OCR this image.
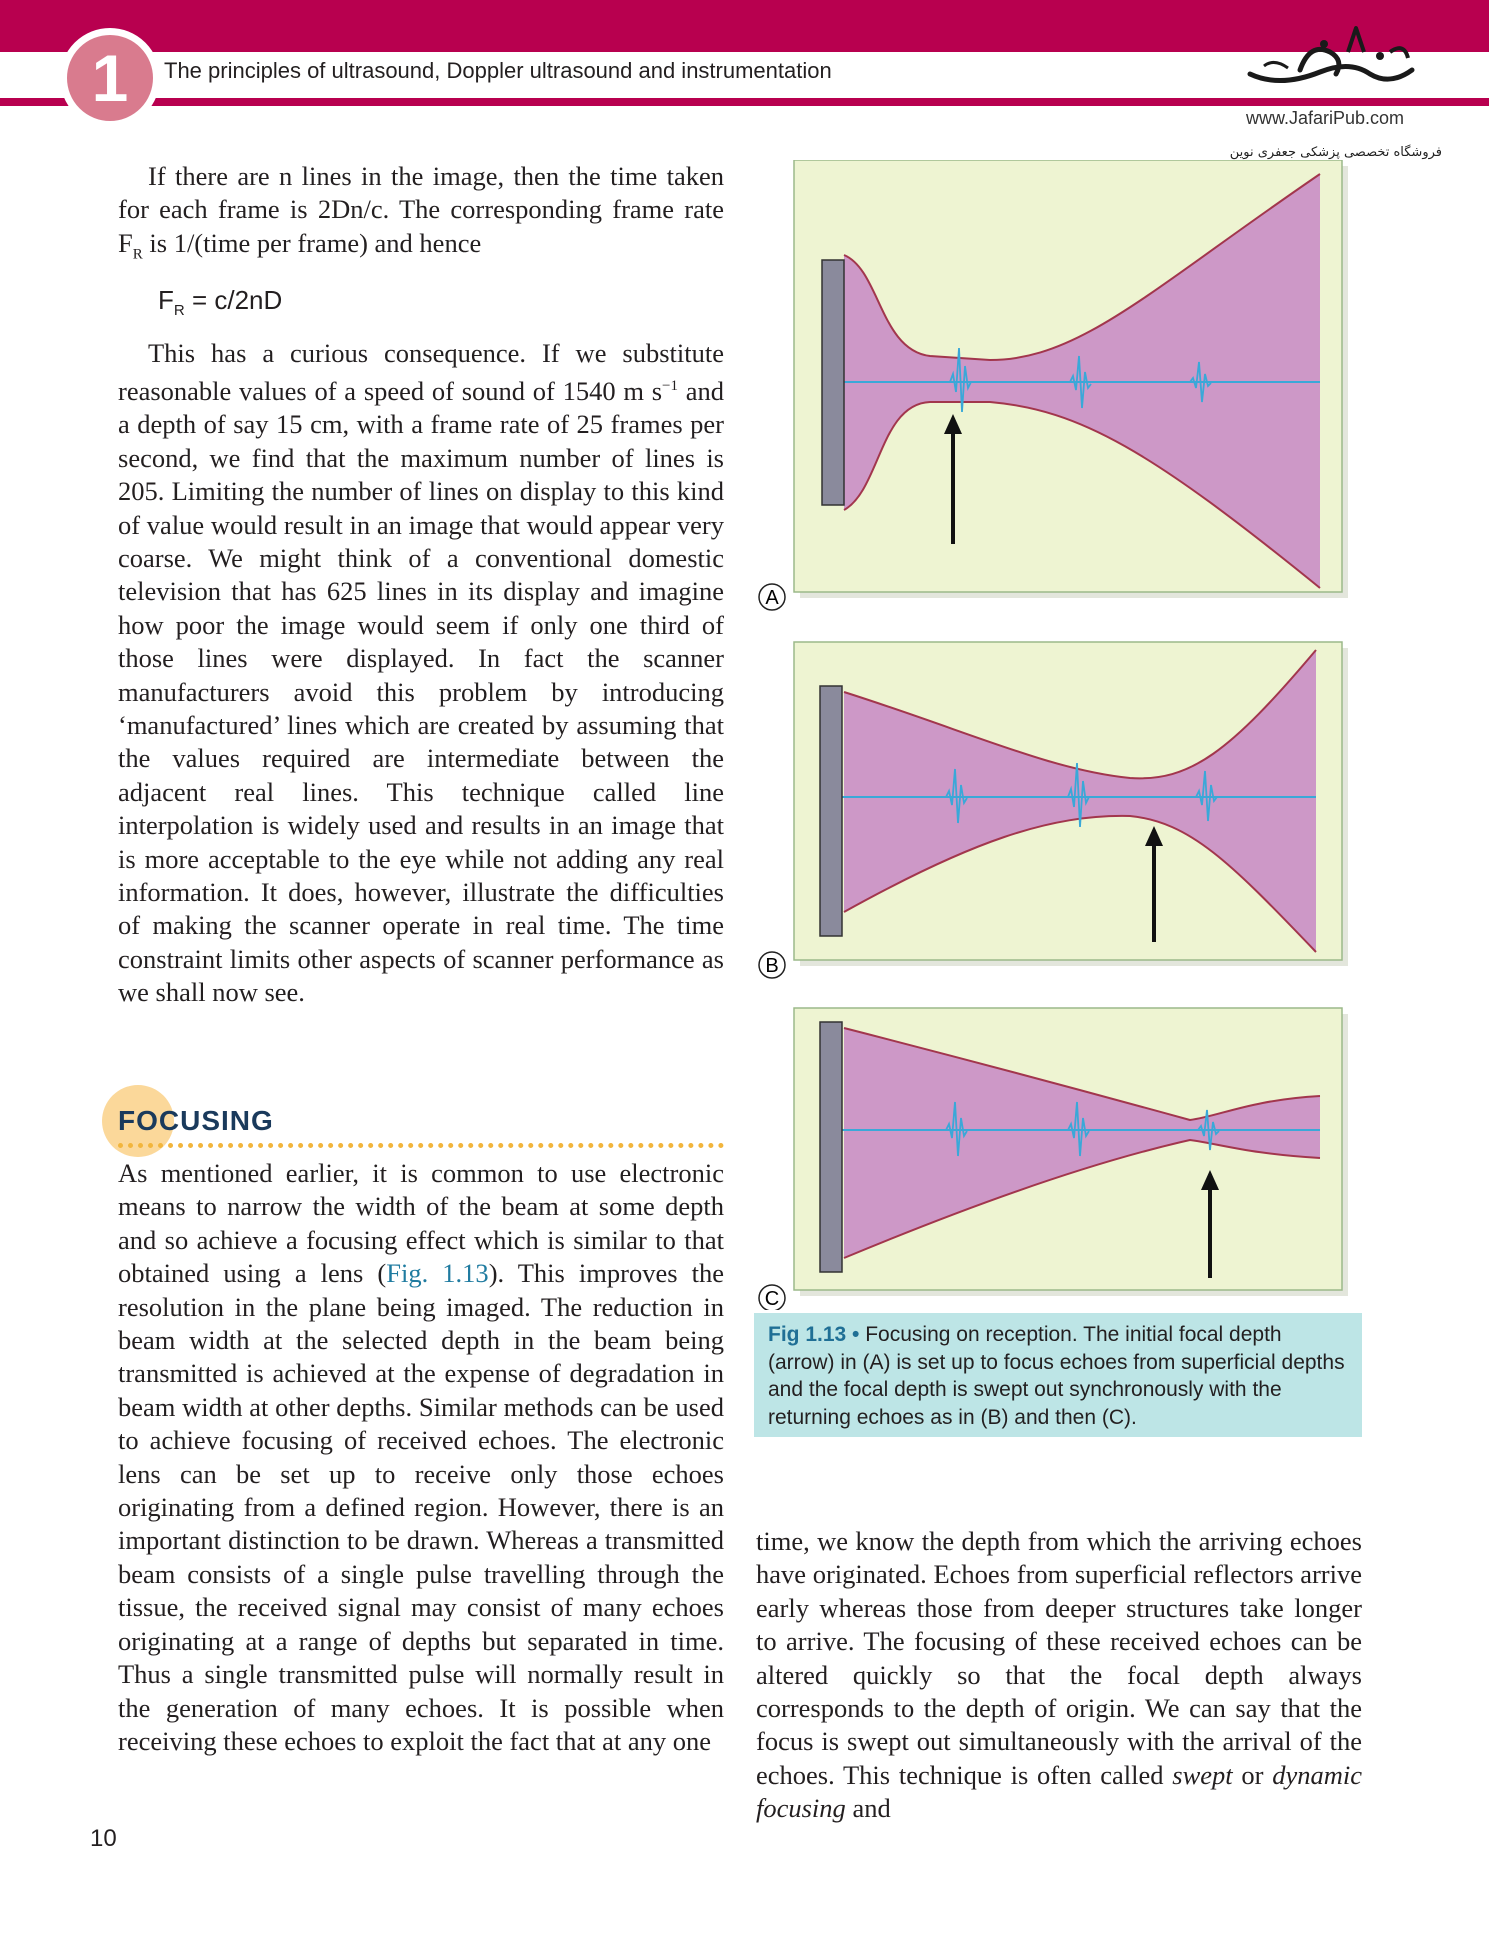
1	The principles of ultrasound, Doppler ultrasound and instrumentation
www.JafariPub.com
فروشگاه تخصصی پزشکی جعفری نوین

If there are n lines in the image, then the time taken for each frame is 2Dn/c. The corresponding frame rate $F_R$ is 1/(time per frame) and hence

$F_R = c/2nD$

This has a curious consequence. If we substitute reasonable values of a speed of sound of 1540 m $s^{-1}$ and a depth of say 15 cm, with a frame rate of 25 frames per second, we find that the maximum number of lines is 205. Limiting the number of lines on display to this kind of value would result in an image that would appear very coarse. We might think of a conventional domestic television that has 625 lines in its display and imagine how poor the image would seem if only one third of those lines were displayed. In fact the scanner manufacturers avoid this problem by introducing ‘manufactured’ lines which are created by assuming that the values required are intermediate between the adjacent real lines. This technique called line interpolation is widely used and results in an image that is more acceptable to the eye while not adding any real information. It does, however, illustrate the difficulties of making the scanner operate in real time. The time constraint limits other aspects of scanner performance as we shall now see.

FOCUSING

As mentioned earlier, it is common to use electronic means to narrow the width of the beam at some depth and so achieve a focusing effect which is similar to that obtained using a lens (Fig. 1.13). This improves the resolution in the plane being imaged. The reduction in beam width at the selected depth in the beam being transmitted is achieved at the expense of degradation in beam width at other depths. Similar methods can be used to achieve focusing of received echoes. The electronic lens can be set up to receive only those echoes originating from a defined region. However, there is an important distinction to be drawn. Whereas a transmitted beam consists of a single pulse travelling through the tissue, the received signal may consist of many echoes originating at a range of depths but separated in time. Thus a single transmitted pulse will normally result in the generation of many echoes. It is possible when receiving these echoes to exploit the fact that at any one

A
B
C
Fig 1.13 • Focusing on reception. The initial focal depth (arrow) in (A) is set up to focus echoes from superficial depths and the focal depth is swept out synchronously with the returning echoes as in (B) and then (C).

time, we know the depth from which the arriving echoes have originated. Echoes from superficial reflectors arrive early whereas those from deeper structures take longer to arrive. The focusing of these received echoes can be altered quickly so that the focal depth always corresponds to the depth of origin. We can say that the focus is swept out simultaneously with the arrival of the echoes. This technique is often called swept or dynamic focusing and

10
